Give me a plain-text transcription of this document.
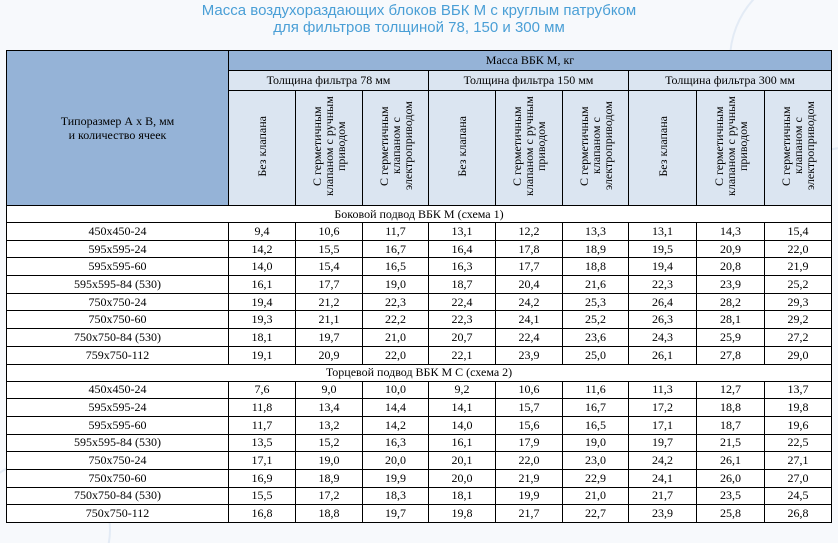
Масса воздухораздающих блоков ВБК М с круглым патрубком
для фильтров толщиной 78, 150 и 300 мм
Типоразмер А х В, мм
и количество ячеек	Масса ВБК М, кг								
	Толщина фильтра 78 мм			Толщина фильтра 150 мм			Толщина фильтра 300 мм		
	Без клапана	С герметичным клапаном с ручным приводом	С герметичным клапаном с электроприводом	Без клапана	С герметичным клапаном с ручным приводом	С герметичным клапаном с электроприводом	Без клапана	С герметичным клапаном с ручным приводом	С герметичным клапаном с электроприводом
Боковой подвод ВБК М (схема 1)									
450x450-24	9,4	10,6	11,7	13,1	12,2	13,3	13,1	14,3	15,4
595x595-24	14,2	15,5	16,7	16,4	17,8	18,9	19,5	20,9	22,0
595x595-60	14,0	15,4	16,5	16,3	17,7	18,8	19,4	20,8	21,9
595x595-84 (530)	16,1	17,7	19,0	18,7	20,4	21,6	22,3	23,9	25,2
750x750-24	19,4	21,2	22,3	22,4	24,2	25,3	26,4	28,2	29,3
750x750-60	19,3	21,1	22,2	22,3	24,1	25,2	26,3	28,1	29,2
750x750-84 (530)	18,1	19,7	21,0	20,7	22,4	23,6	24,3	25,9	27,2
759x750-112	19,1	20,9	22,0	22,1	23,9	25,0	26,1	27,8	29,0
Торцевой подвод ВБК М С (схема 2)									
450x450-24	7,6	9,0	10,0	9,2	10,6	11,6	11,3	12,7	13,7
595x595-24	11,8	13,4	14,4	14,1	15,7	16,7	17,2	18,8	19,8
595x595-60	11,7	13,2	14,2	14,0	15,6	16,5	17,1	18,7	19,6
595x595-84 (530)	13,5	15,2	16,3	16,1	17,9	19,0	19,7	21,5	22,5
750x750-24	17,1	19,0	20,0	20,1	22,0	23,0	24,2	26,1	27,1
750x750-60	16,9	18,9	19,9	20,0	21,9	22,9	24,1	26,0	27,0
750x750-84 (530)	15,5	17,2	18,3	18,1	19,9	21,0	21,7	23,5	24,5
750x750-112	16,8	18,8	19,7	19,8	21,7	22,7	23,9	25,8	26,8
